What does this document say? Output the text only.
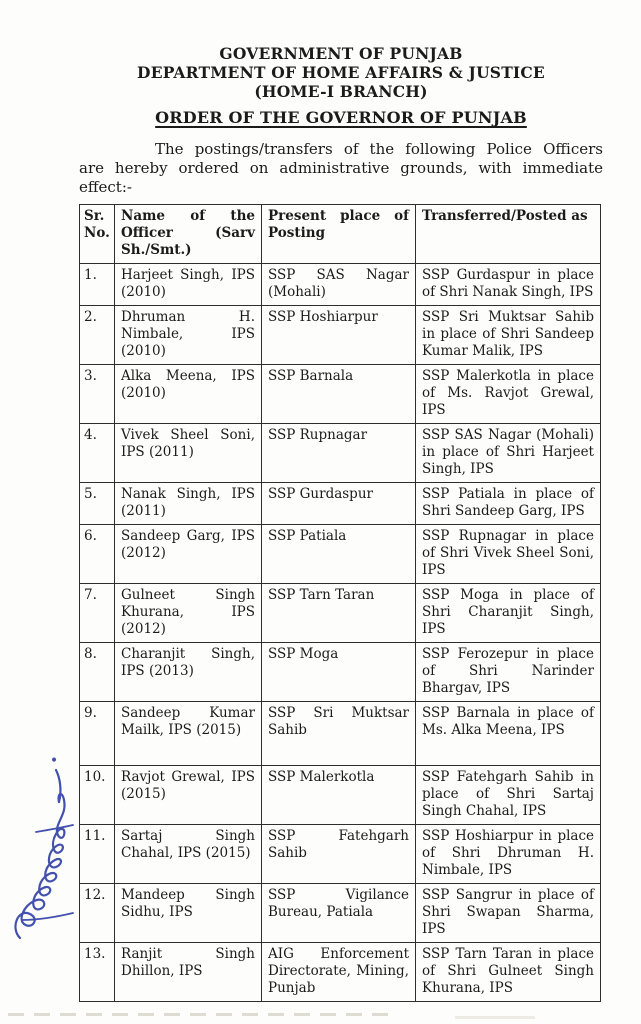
GOVERNMENT OF PUNJAB

DEPARTMENT OF HOME AFFAIRS & JUSTICE

(HOME-I BRANCH)

ORDER OF THE GOVERNOR OF PUNJAB

The postings/transfers of the following Police Officers are hereby ordered on administrative grounds, with immediate effect:-

Sr. No.	Name of the Officer (Sarv Sh./Smt.)	Present place of Posting	Transferred/Posted as
1.	Harjeet Singh, IPS (2010)	SSP SAS Nagar (Mohali)	SSP Gurdaspur in place of Shri Nanak Singh, IPS
2.	Dhruman H. Nimbale, IPS (2010)	SSP Hoshiarpur	SSP Sri Muktsar Sahib in place of Shri Sandeep Kumar Malik, IPS
3.	Alka Meena, IPS (2010)	SSP Barnala	SSP Malerkotla in place of Ms. Ravjot Grewal, IPS
4.	Vivek Sheel Soni, IPS (2011)	SSP Rupnagar	SSP SAS Nagar (Mohali) in place of Shri Harjeet Singh, IPS
5.	Nanak Singh, IPS (2011)	SSP Gurdaspur	SSP Patiala in place of Shri Sandeep Garg, IPS
6.	Sandeep Garg, IPS (2012)	SSP Patiala	SSP Rupnagar in place of Shri Vivek Sheel Soni, IPS
7.	Gulneet Singh Khurana, IPS (2012)	SSP Tarn Taran	SSP Moga in place of Shri Charanjit Singh, IPS
8.	Charanjit Singh, IPS (2013)	SSP Moga	SSP Ferozepur in place of Shri Narinder Bhargav, IPS
9.	Sandeep Kumar Mailk, IPS (2015)	SSP Sri Muktsar Sahib	SSP Barnala in place of Ms. Alka Meena, IPS
10.	Ravjot Grewal, IPS (2015)	SSP Malerkotla	SSP Fatehgarh Sahib in place of Shri Sartaj Singh Chahal, IPS
11.	Sartaj Singh Chahal, IPS (2015)	SSP Fatehgarh Sahib	SSP Hoshiarpur in place of Shri Dhruman H. Nimbale, IPS
12.	Mandeep Singh Sidhu, IPS	SSP Vigilance Bureau, Patiala	SSP Sangrur in place of Shri Swapan Sharma, IPS
13.	Ranjit Singh Dhillon, IPS	AIG Enforcement Directorate, Mining, Punjab	SSP Tarn Taran in place of Shri Gulneet Singh Khurana, IPS
